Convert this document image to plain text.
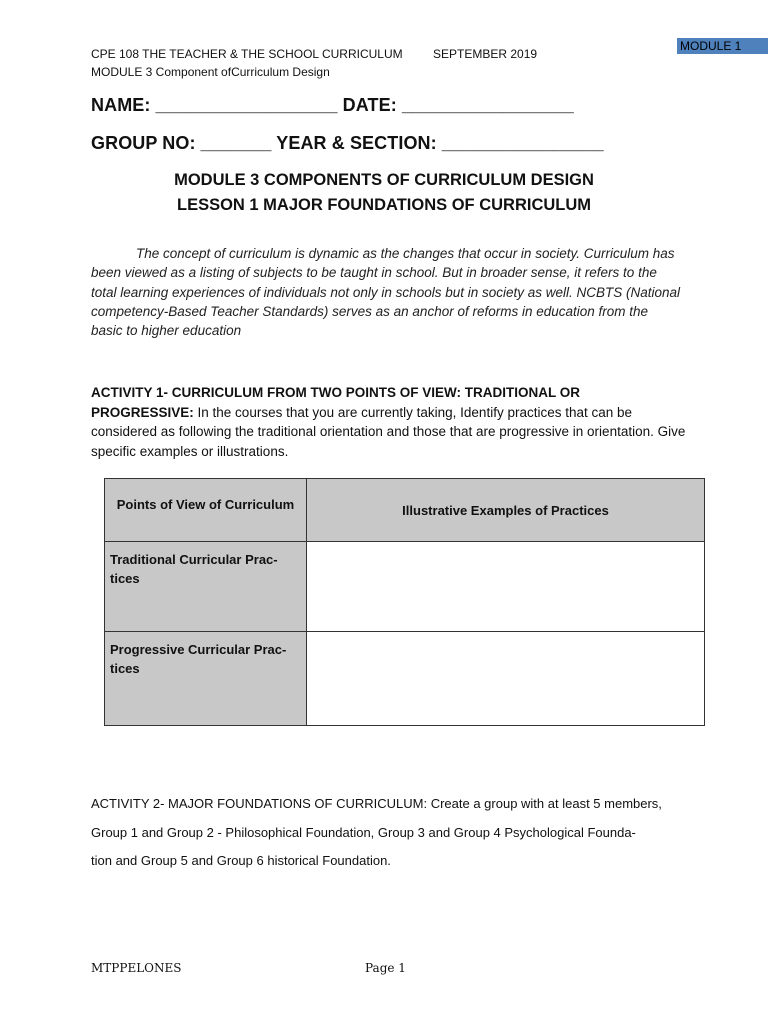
CPE 108 THE TEACHER & THE SCHOOL CURRICULUM	SEPTEMBER 2019
MODULE 3 Component ofCurriculum Design
MODULE 1
NAME: __________________ DATE: _________________
GROUP NO: _______ YEAR & SECTION: ________________
MODULE 3 COMPONENTS OF CURRICULUM DESIGN
LESSON 1 MAJOR FOUNDATIONS OF CURRICULUM
The concept of curriculum is dynamic as the changes that occur in society. Curriculum has been viewed as a listing of subjects to be taught in school. But in broader sense, it refers to the total learning experiences of individuals not only in schools but in society as well. NCBTS (National competency-Based Teacher Standards) serves as an anchor of reforms in education from the basic to higher education
ACTIVITY 1- CURRICULUM FROM TWO POINTS OF VIEW: TRADITIONAL OR PROGRESSIVE: In the courses that you are currently taking, Identify practices that can be considered as following the traditional orientation and those that are progressive in orientation. Give specific examples or illustrations.
Points of View of Curriculum	Illustrative Examples of Practices

Traditional Curricular Prac-
tices	

Progressive Curricular Prac-
tices	

ACTIVITY 2- MAJOR FOUNDATIONS OF CURRICULUM: Create a group with at least 5 members,
Group 1 and Group 2 - Philosophical Foundation, Group 3 and Group 4 Psychological Founda-
tion and Group 5 and Group 6 historical Foundation.
MTPPELONES	Page 1
